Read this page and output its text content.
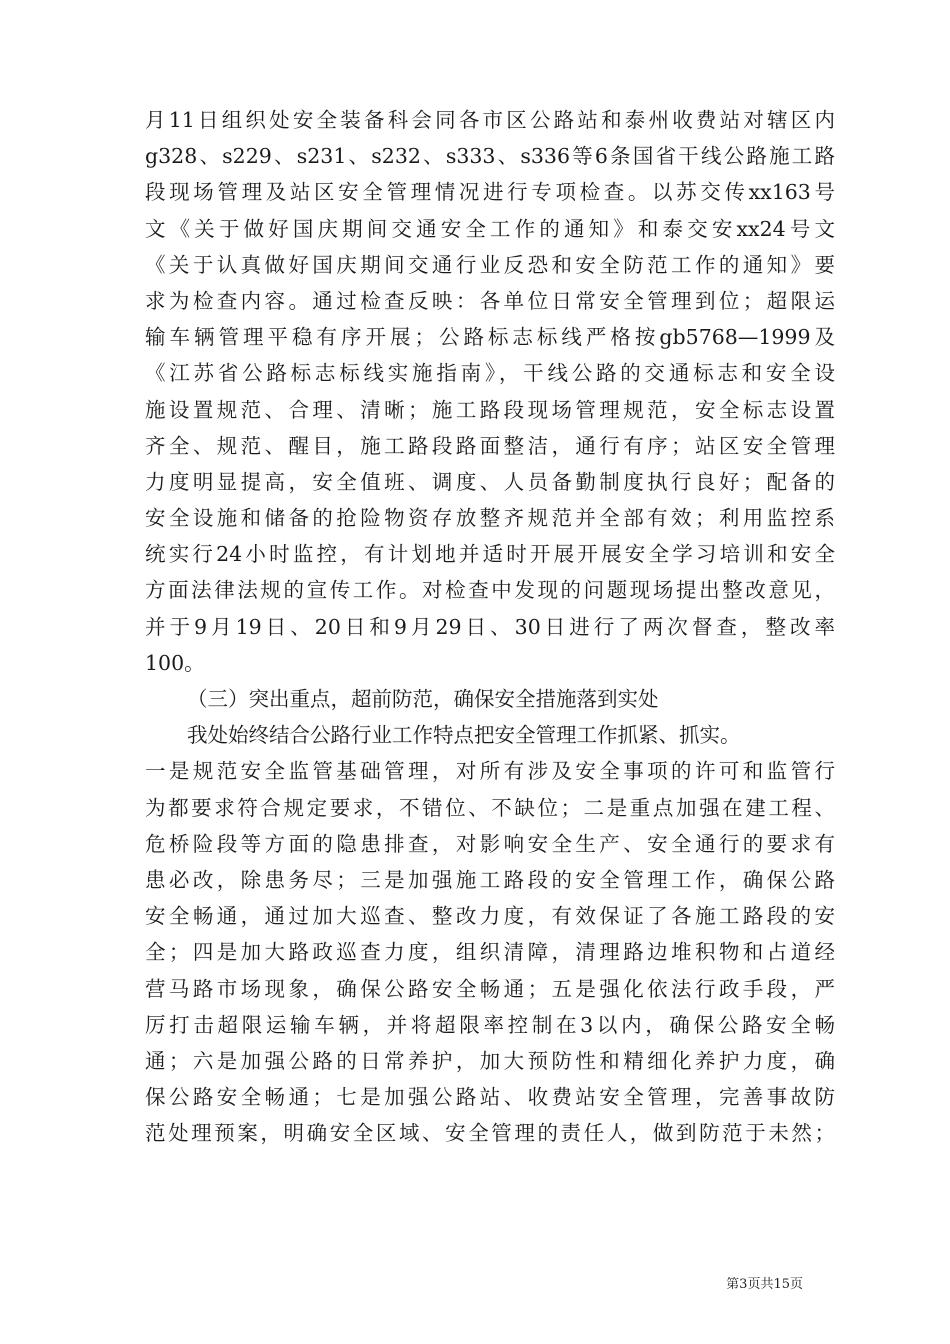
月11日组织处安全装备科会同各市区公路站和泰州收费站对辖区内
g328、s229、s231、s232、s333、s336等6条国省干线公路施工路
段现场管理及站区安全管理情况进行专项检查。以苏交传xx163号
文《关于做好国庆期间交通安全工作的通知》和泰交安xx24号文
《关于认真做好国庆期间交通行业反恐和安全防范工作的通知》要
求为检查内容。通过检查反映：各单位日常安全管理到位；超限运
输车辆管理平稳有序开展；公路标志标线严格按gb5768—1999及
《江苏省公路标志标线实施指南》，干线公路的交通标志和安全设
施设置规范、合理、清晰；施工路段现场管理规范，安全标志设置
齐全、规范、醒目，施工路段路面整洁，通行有序；站区安全管理
力度明显提高，安全值班、调度、人员备勤制度执行良好；配备的
安全设施和储备的抢险物资存放整齐规范并全部有效；利用监控系
统实行24小时监控，有计划地并适时开展开展安全学习培训和安全
方面法律法规的宣传工作。对检查中发现的问题现场提出整改意见，
并于9月19日、20日和9月29日、30日进行了两次督查，整改率
100。
（三）突出重点，超前防范，确保安全措施落到实处
我处始终结合公路行业工作特点把安全管理工作抓紧、抓实。
一是规范安全监管基础管理，对所有涉及安全事项的许可和监管行
为都要求符合规定要求，不错位、不缺位；二是重点加强在建工程、
危桥险段等方面的隐患排查，对影响安全生产、安全通行的要求有
患必改，除患务尽；三是加强施工路段的安全管理工作，确保公路
安全畅通，通过加大巡查、整改力度，有效保证了各施工路段的安
全；四是加大路政巡查力度，组织清障，清理路边堆积物和占道经
营马路市场现象，确保公路安全畅通；五是强化依法行政手段，严
厉打击超限运输车辆，并将超限率控制在3以内，确保公路安全畅
通；六是加强公路的日常养护，加大预防性和精细化养护力度，确
保公路安全畅通；七是加强公路站、收费站安全管理，完善事故防
范处理预案，明确安全区域、安全管理的责任人，做到防范于未然；
第3页共15页
